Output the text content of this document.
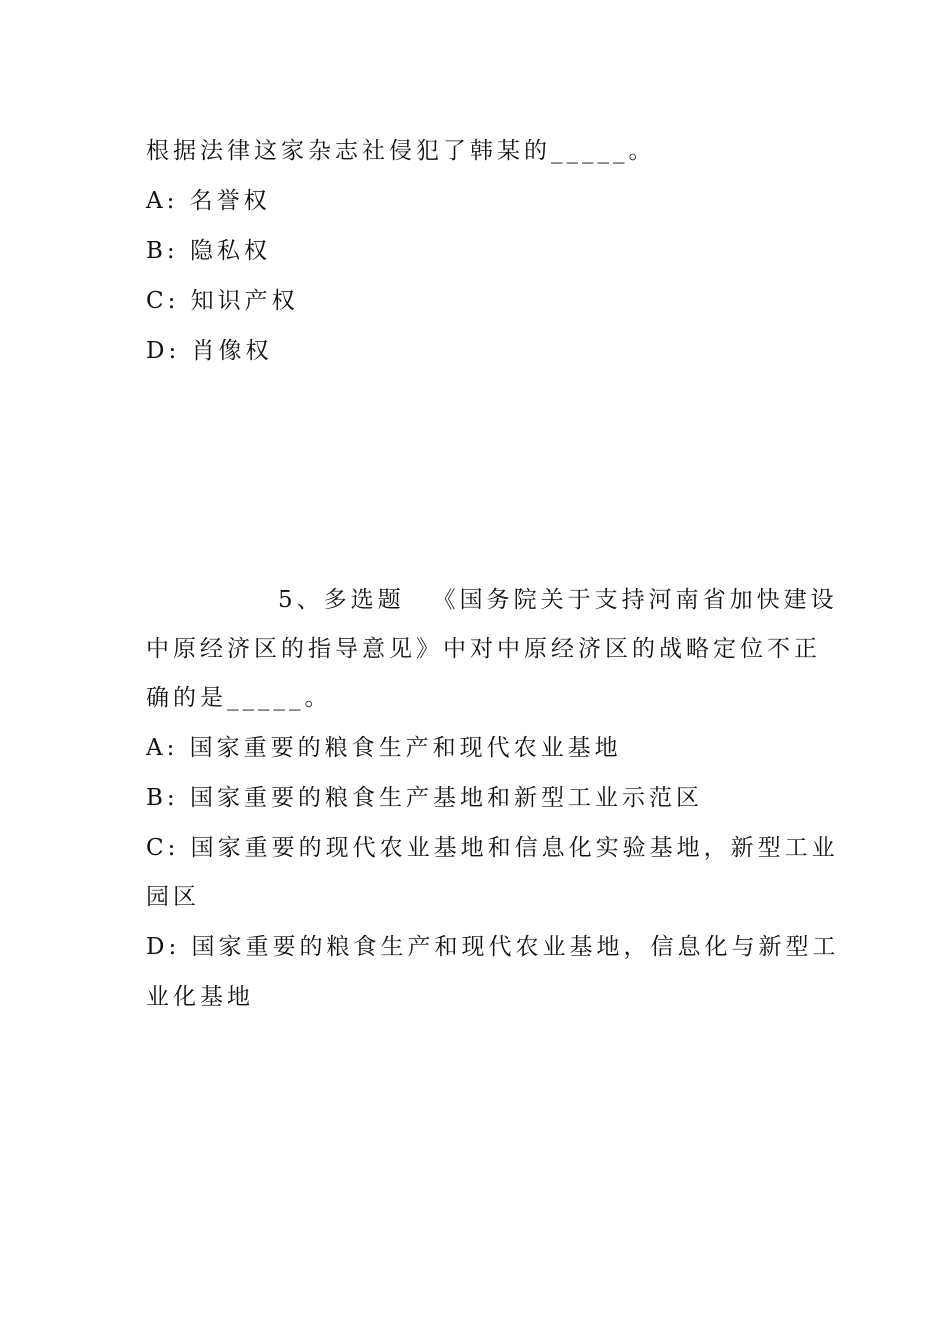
根据法律这家杂志社侵犯了韩某的_____。
A: 名誉权
B: 隐私权
C: 知识产权
D: 肖像权
5、多选题 《国务院关于支持河南省加快建设
中原经济区的指导意见》中对中原经济区的战略定位不正
确的是_____。
A: 国家重要的粮食生产和现代农业基地
B: 国家重要的粮食生产基地和新型工业示范区
C: 国家重要的现代农业基地和信息化实验基地，新型工业
园区
D: 国家重要的粮食生产和现代农业基地，信息化与新型工
业化基地
